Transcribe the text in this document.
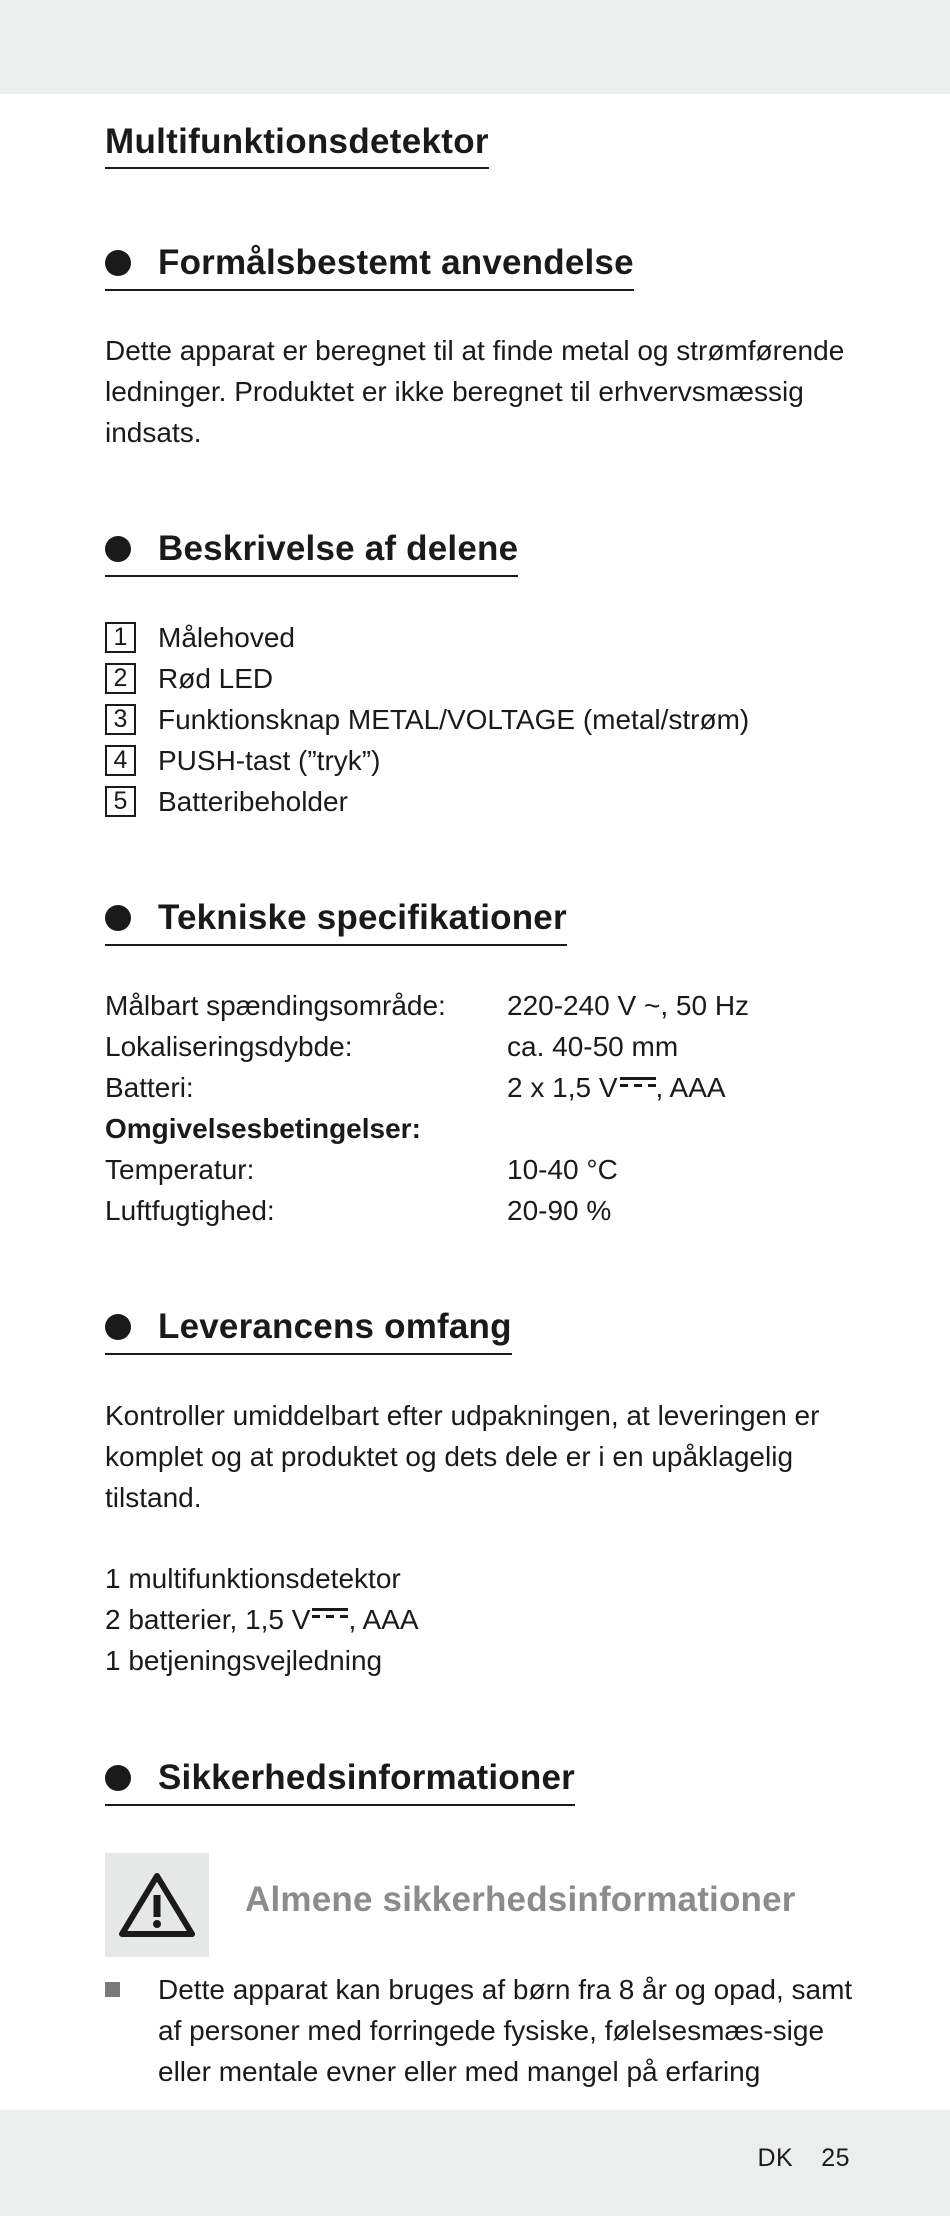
Multifunktionsdetektor
Formålsbestemt anvendelse
Dette apparat er beregnet til at finde metal og strømførende ledninger. Produktet er ikke beregnet til erhvervsmæssig indsats.
Beskrivelse af delene
1	Målehoved
2	Rød LED
3	Funktionsknap METAL/VOLTAGE (metal/strøm)
4	PUSH-tast (”tryk”)
5	Batteribeholder
Tekniske specifikationer
Målbart spændingsområde:	220-240 V ~, 50 Hz
Lokaliseringsdybde:	ca. 40-50 mm
Batteri:	2 x 1,5 V , AAA
Omgivelsesbetingelser:
Temperatur:	10-40 °C
Luftfugtighed:	20-90 %
Leverancens omfang
Kontroller umiddelbart efter udpakningen, at leveringen er komplet og at produktet og dets dele er i en upåklagelig tilstand.
1 multifunktionsdetektor
2 batterier, 1,5 V , AAA
1 betjeningsvejledning
Sikkerhedsinformationer
Almene sikkerhedsinformationer
Dette apparat kan bruges af børn fra 8 år og opad, samt af personer med forringede fysiske, følelsesmæs-sige eller mentale evner eller med mangel på erfaring
DK 25
